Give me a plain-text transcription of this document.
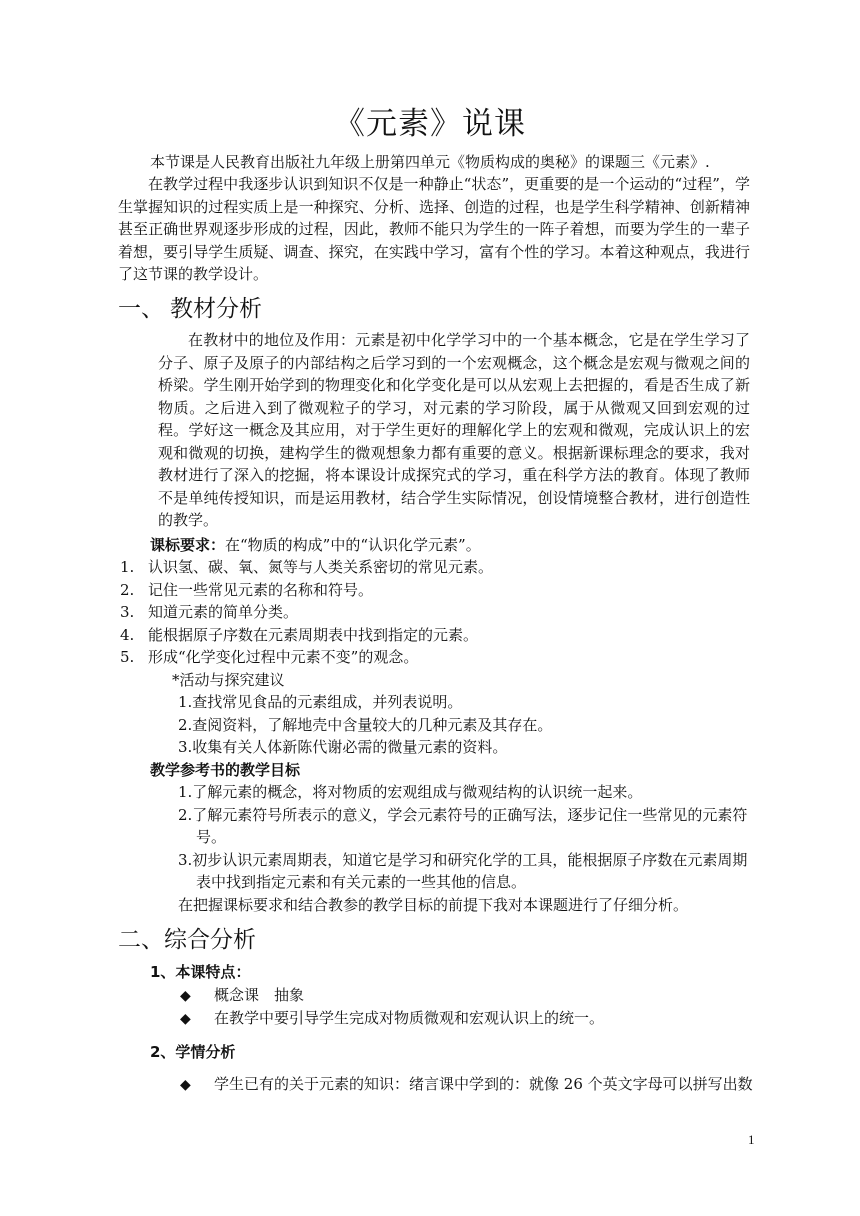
《元素》说课

本节课是人民教育出版社九年级上册第四单元《物质构成的奥秘》的课题三《元素》.

在教学过程中我逐步认识到知识不仅是一种静止“状态”，更重要的是一个运动的“过程”，学生掌握知识的过程实质上是一种探究、分析、选择、创造的过程，也是学生科学精神、创新精神甚至正确世界观逐步形成的过程，因此，教师不能只为学生的一阵子着想，而要为学生的一辈子着想，要引导学生质疑、调查、探究，在实践中学习，富有个性的学习。本着这种观点，我进行了这节课的教学设计。

一、 教材分析

在教材中的地位及作用：元素是初中化学学习中的一个基本概念，它是在学生学习了分子、原子及原子的内部结构之后学习到的一个宏观概念，这个概念是宏观与微观之间的桥梁。学生刚开始学到的物理变化和化学变化是可以从宏观上去把握的，看是否生成了新物质。之后进入到了微观粒子的学习，对元素的学习阶段，属于从微观又回到宏观的过程。学好这一概念及其应用，对于学生更好的理解化学上的宏观和微观，完成认识上的宏观和微观的切换，建构学生的微观想象力都有重要的意义。根据新课标理念的要求，我对教材进行了深入的挖掘，将本课设计成探究式的学习，重在科学方法的教育。体现了教师不是单纯传授知识，而是运用教材，结合学生实际情况，创设情境整合教材，进行创造性的教学。

课标要求：在“物质的构成”中的“认识化学元素”。
1. 认识氢、碳、氧、氮等与人类关系密切的常见元素。
2. 记住一些常见元素的名称和符号。
3. 知道元素的简单分类。
4. 能根据原子序数在元素周期表中找到指定的元素。
5. 形成“化学变化过程中元素不变”的观念。
*活动与探究建议
1.查找常见食品的元素组成，并列表说明。
2.查阅资料，了解地壳中含量较大的几种元素及其存在。
3.收集有关人体新陈代谢必需的微量元素的资料。
教学参考书的教学目标
1.了解元素的概念，将对物质的宏观组成与微观结构的认识统一起来。
2.了解元素符号所表示的意义，学会元素符号的正确写法，逐步记住一些常见的元素符
号。
3.初步认识元素周期表，知道它是学习和研究化学的工具，能根据原子序数在元素周期
表中找到指定元素和有关元素的一些其他的信息。
在把握课标要求和结合教参的教学目标的前提下我对本课题进行了仔细分析。
二、综合分析
1、本课特点：
◆ 概念课　抽象
◆ 在教学中要引导学生完成对物质微观和宏观认识上的统一。
2、学情分析
◆ 学生已有的关于元素的知识：绪言课中学到的：就像 26 个英文字母可以拼写出数
1
